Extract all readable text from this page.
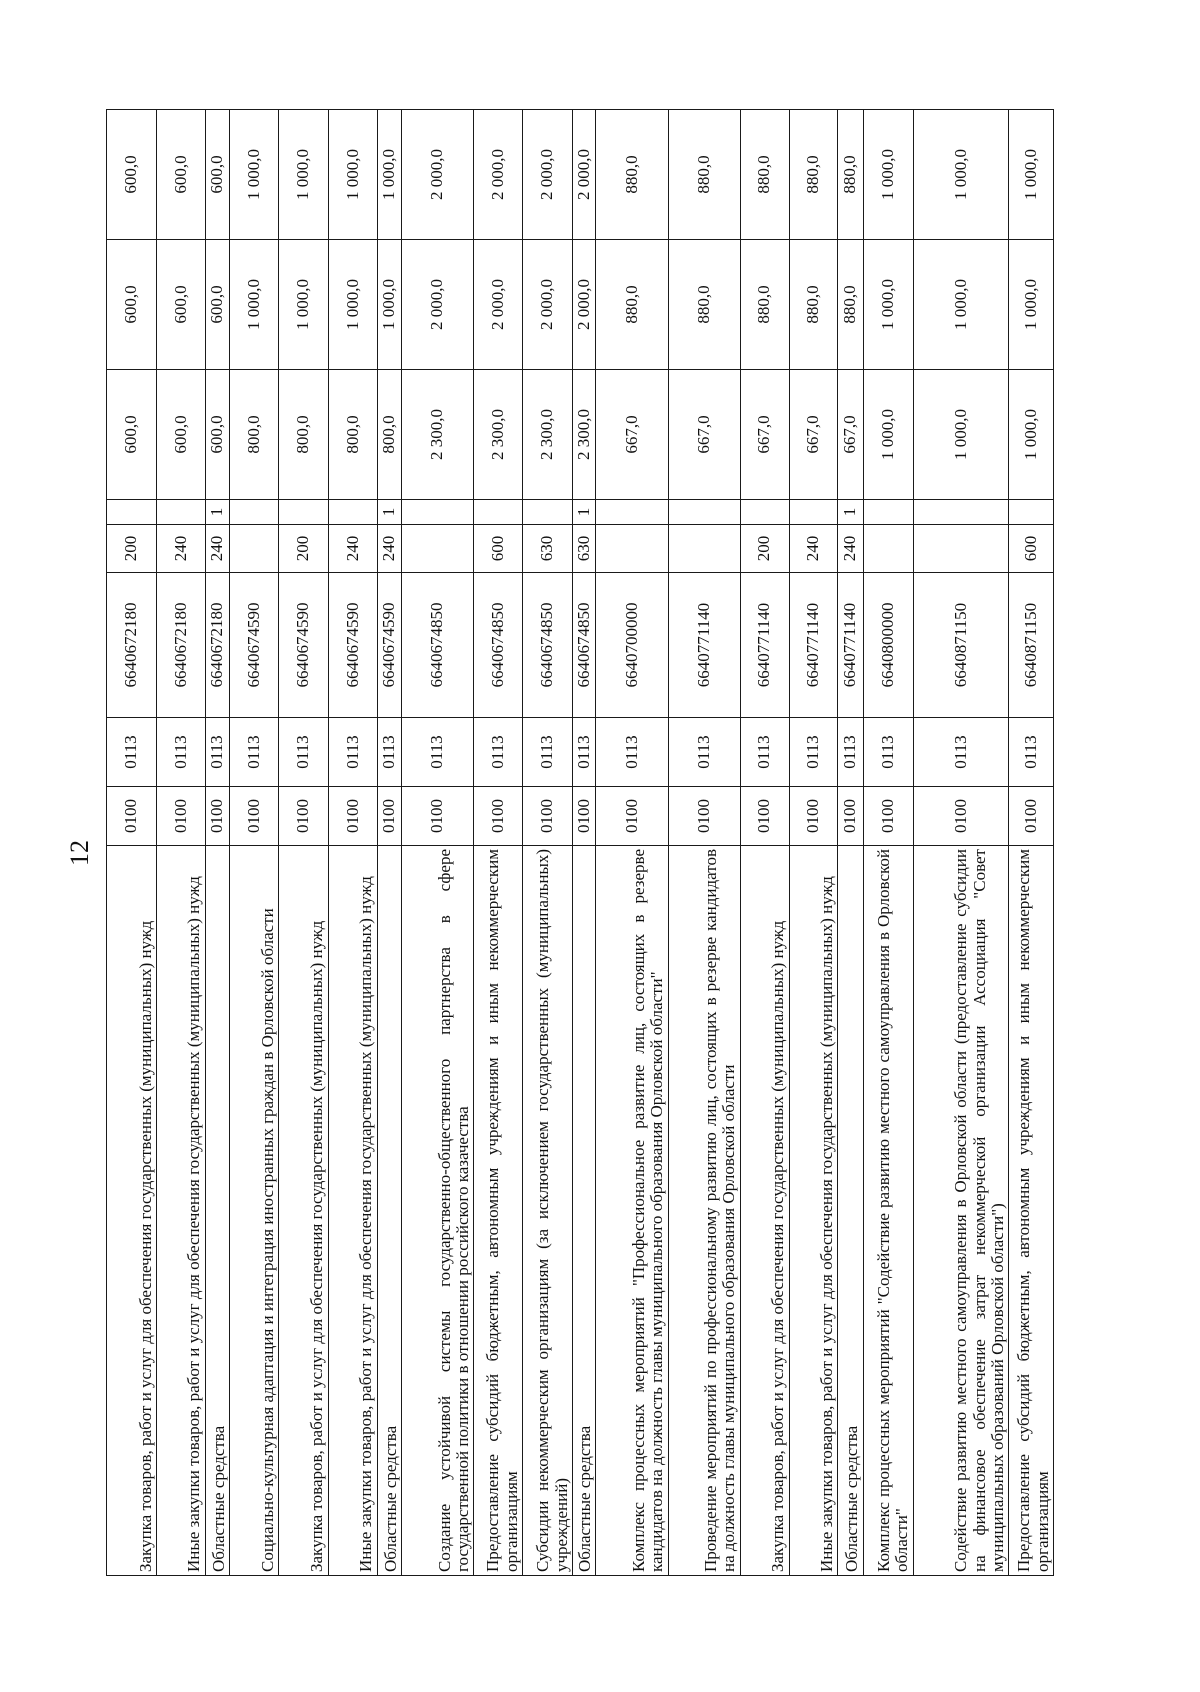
12
Закупка товаров, работ и услуг для обеспечения государственных (муниципальных) нужд	0100	0113	6640672180	200		600,0	600,0	600,0
Иные закупки товаров, работ и услуг для обеспечения государственных (муниципальных) нужд	0100	0113	6640672180	240		600,0	600,0	600,0
Областные средства	0100	0113	6640672180	240	1	600,0	600,0	600,0
Социально-культурная адаптация и интеграция иностранных граждан в Орловской области	0100	0113	6640674590			800,0	1 000,0	1 000,0
Закупка товаров, работ и услуг для обеспечения государственных (муниципальных) нужд	0100	0113	6640674590	200		800,0	1 000,0	1 000,0
Иные закупки товаров, работ и услуг для обеспечения государственных (муниципальных) нужд	0100	0113	6640674590	240		800,0	1 000,0	1 000,0
Областные средства	0100	0113	6640674590	240	1	800,0	1 000,0	1 000,0
Создание устойчивой системы государственно-общественного партнерства в сфере государственной политики в отношении российского казачества	0100	0113	6640674850			2 300,0	2 000,0	2 000,0
Предоставление субсидий бюджетным, автономным учреждениям и иным некоммерческим организациям	0100	0113	6640674850	600		2 300,0	2 000,0	2 000,0
Субсидии некоммерческим организациям (за исключением государственных (муниципальных) учреждений)	0100	0113	6640674850	630		2 300,0	2 000,0	2 000,0
Областные средства	0100	0113	6640674850	630	1	2 300,0	2 000,0	2 000,0
Комплекс процессных мероприятий "Профессиональное развитие лиц, состоящих в резерве кандидатов на должность главы муниципального образования Орловской области"	0100	0113	6640700000			667,0	880,0	880,0
Проведение мероприятий по профессиональному развитию лиц, состоящих в резерве кандидатов на должность главы муниципального образования Орловской области	0100	0113	6640771140			667,0	880,0	880,0
Закупка товаров, работ и услуг для обеспечения государственных (муниципальных) нужд	0100	0113	6640771140	200		667,0	880,0	880,0
Иные закупки товаров, работ и услуг для обеспечения государственных (муниципальных) нужд	0100	0113	6640771140	240		667,0	880,0	880,0
Областные средства	0100	0113	6640771140	240	1	667,0	880,0	880,0
Комплекс процессных мероприятий "Содействие развитию местного самоуправления в Орловской области"	0100	0113	6640800000			1 000,0	1 000,0	1 000,0
Содействие развитию местного самоуправления в Орловской области (предоставление субсидии на финансовое обеспечение затрат некоммерческой организации Ассоциация "Совет муниципальных образований Орловской области")	0100	0113	6640871150			1 000,0	1 000,0	1 000,0
Предоставление субсидий бюджетным, автономным учреждениям и иным некоммерческим организациям	0100	0113	6640871150	600		1 000,0	1 000,0	1 000,0
